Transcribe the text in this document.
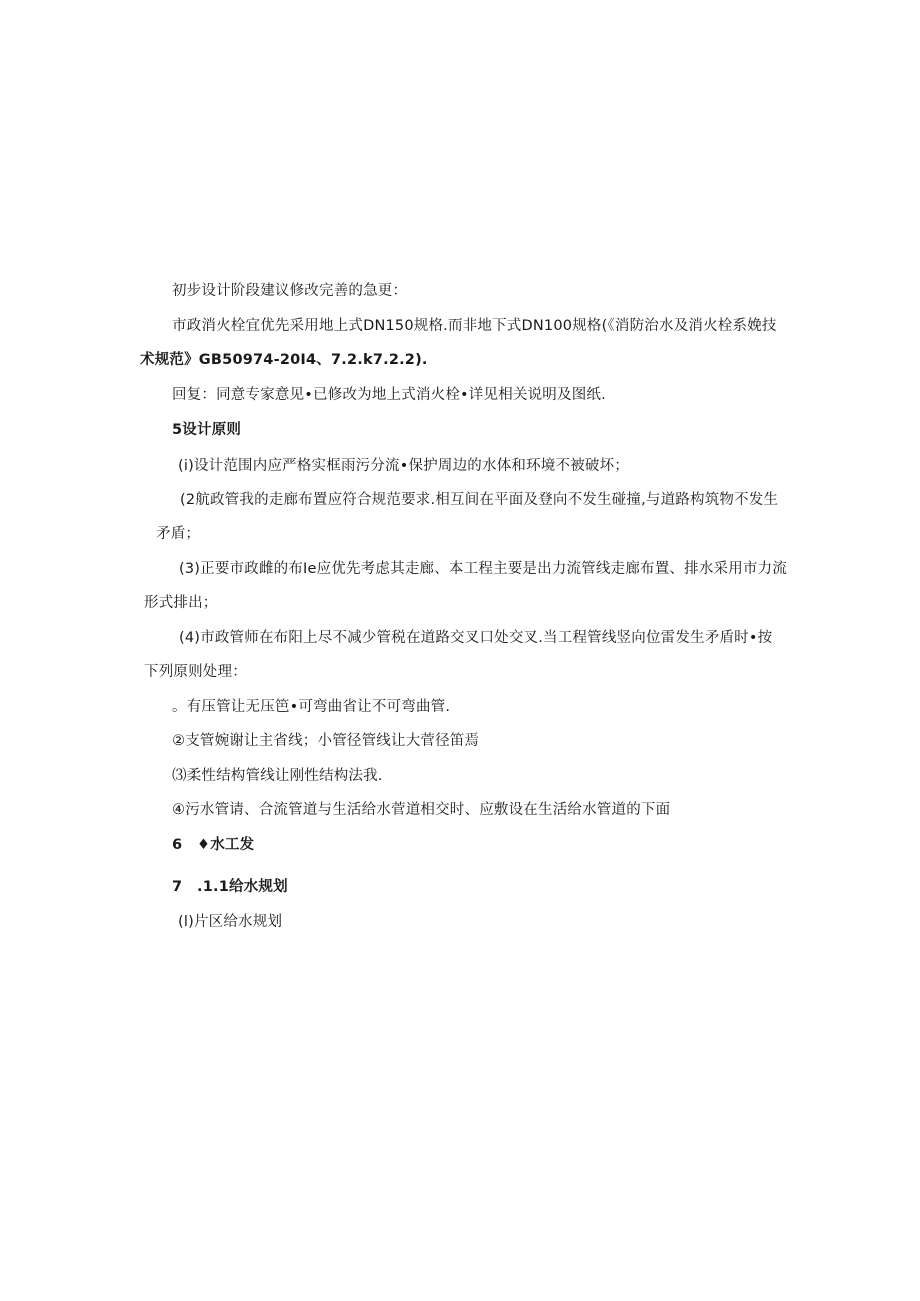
初步设计阶段建议修改完善的急更：
市政消火栓宜优先采用地上式DN150规格.而非地下式DN100规格(《消防治水及消火栓系娩技
术规范》GB50974-20I4、7.2.k7.2.2).
回复：同意专家意见•已修改为地上式消火栓•详见相关说明及图纸.
5设计原则
(i)设计范围内应严格实框雨污分流•保护周边的水体和环境不被破坏；
(2航政管我的走廊布置应符合规范要求.相互间在平面及登向不发生碰撞,与道路构筑物不发生
矛盾；
(3)正要市政雌的布Ie应优先考虑其走廊、本工程主要是出力流管线走廊布置、排水采用市力流
形式排出；
(4)市政管师在布阳上尽不减少管税在道路交叉口处交叉.当工程管线竖向位雷发生矛盾时•按
下列原则处理：
。有压管让无压笆•可弯曲省让不可弯曲管.
②支管婉谢让主省线；小管径管线让大菅径笛焉
⑶柔性结构管线让刚性结构法我.
④污水管请、合流管道与生活给水菅道相交时、应敷设在生活给水管道的下面
6　♦水工发
7　.1.1给水规划
(l)片区给水规划
